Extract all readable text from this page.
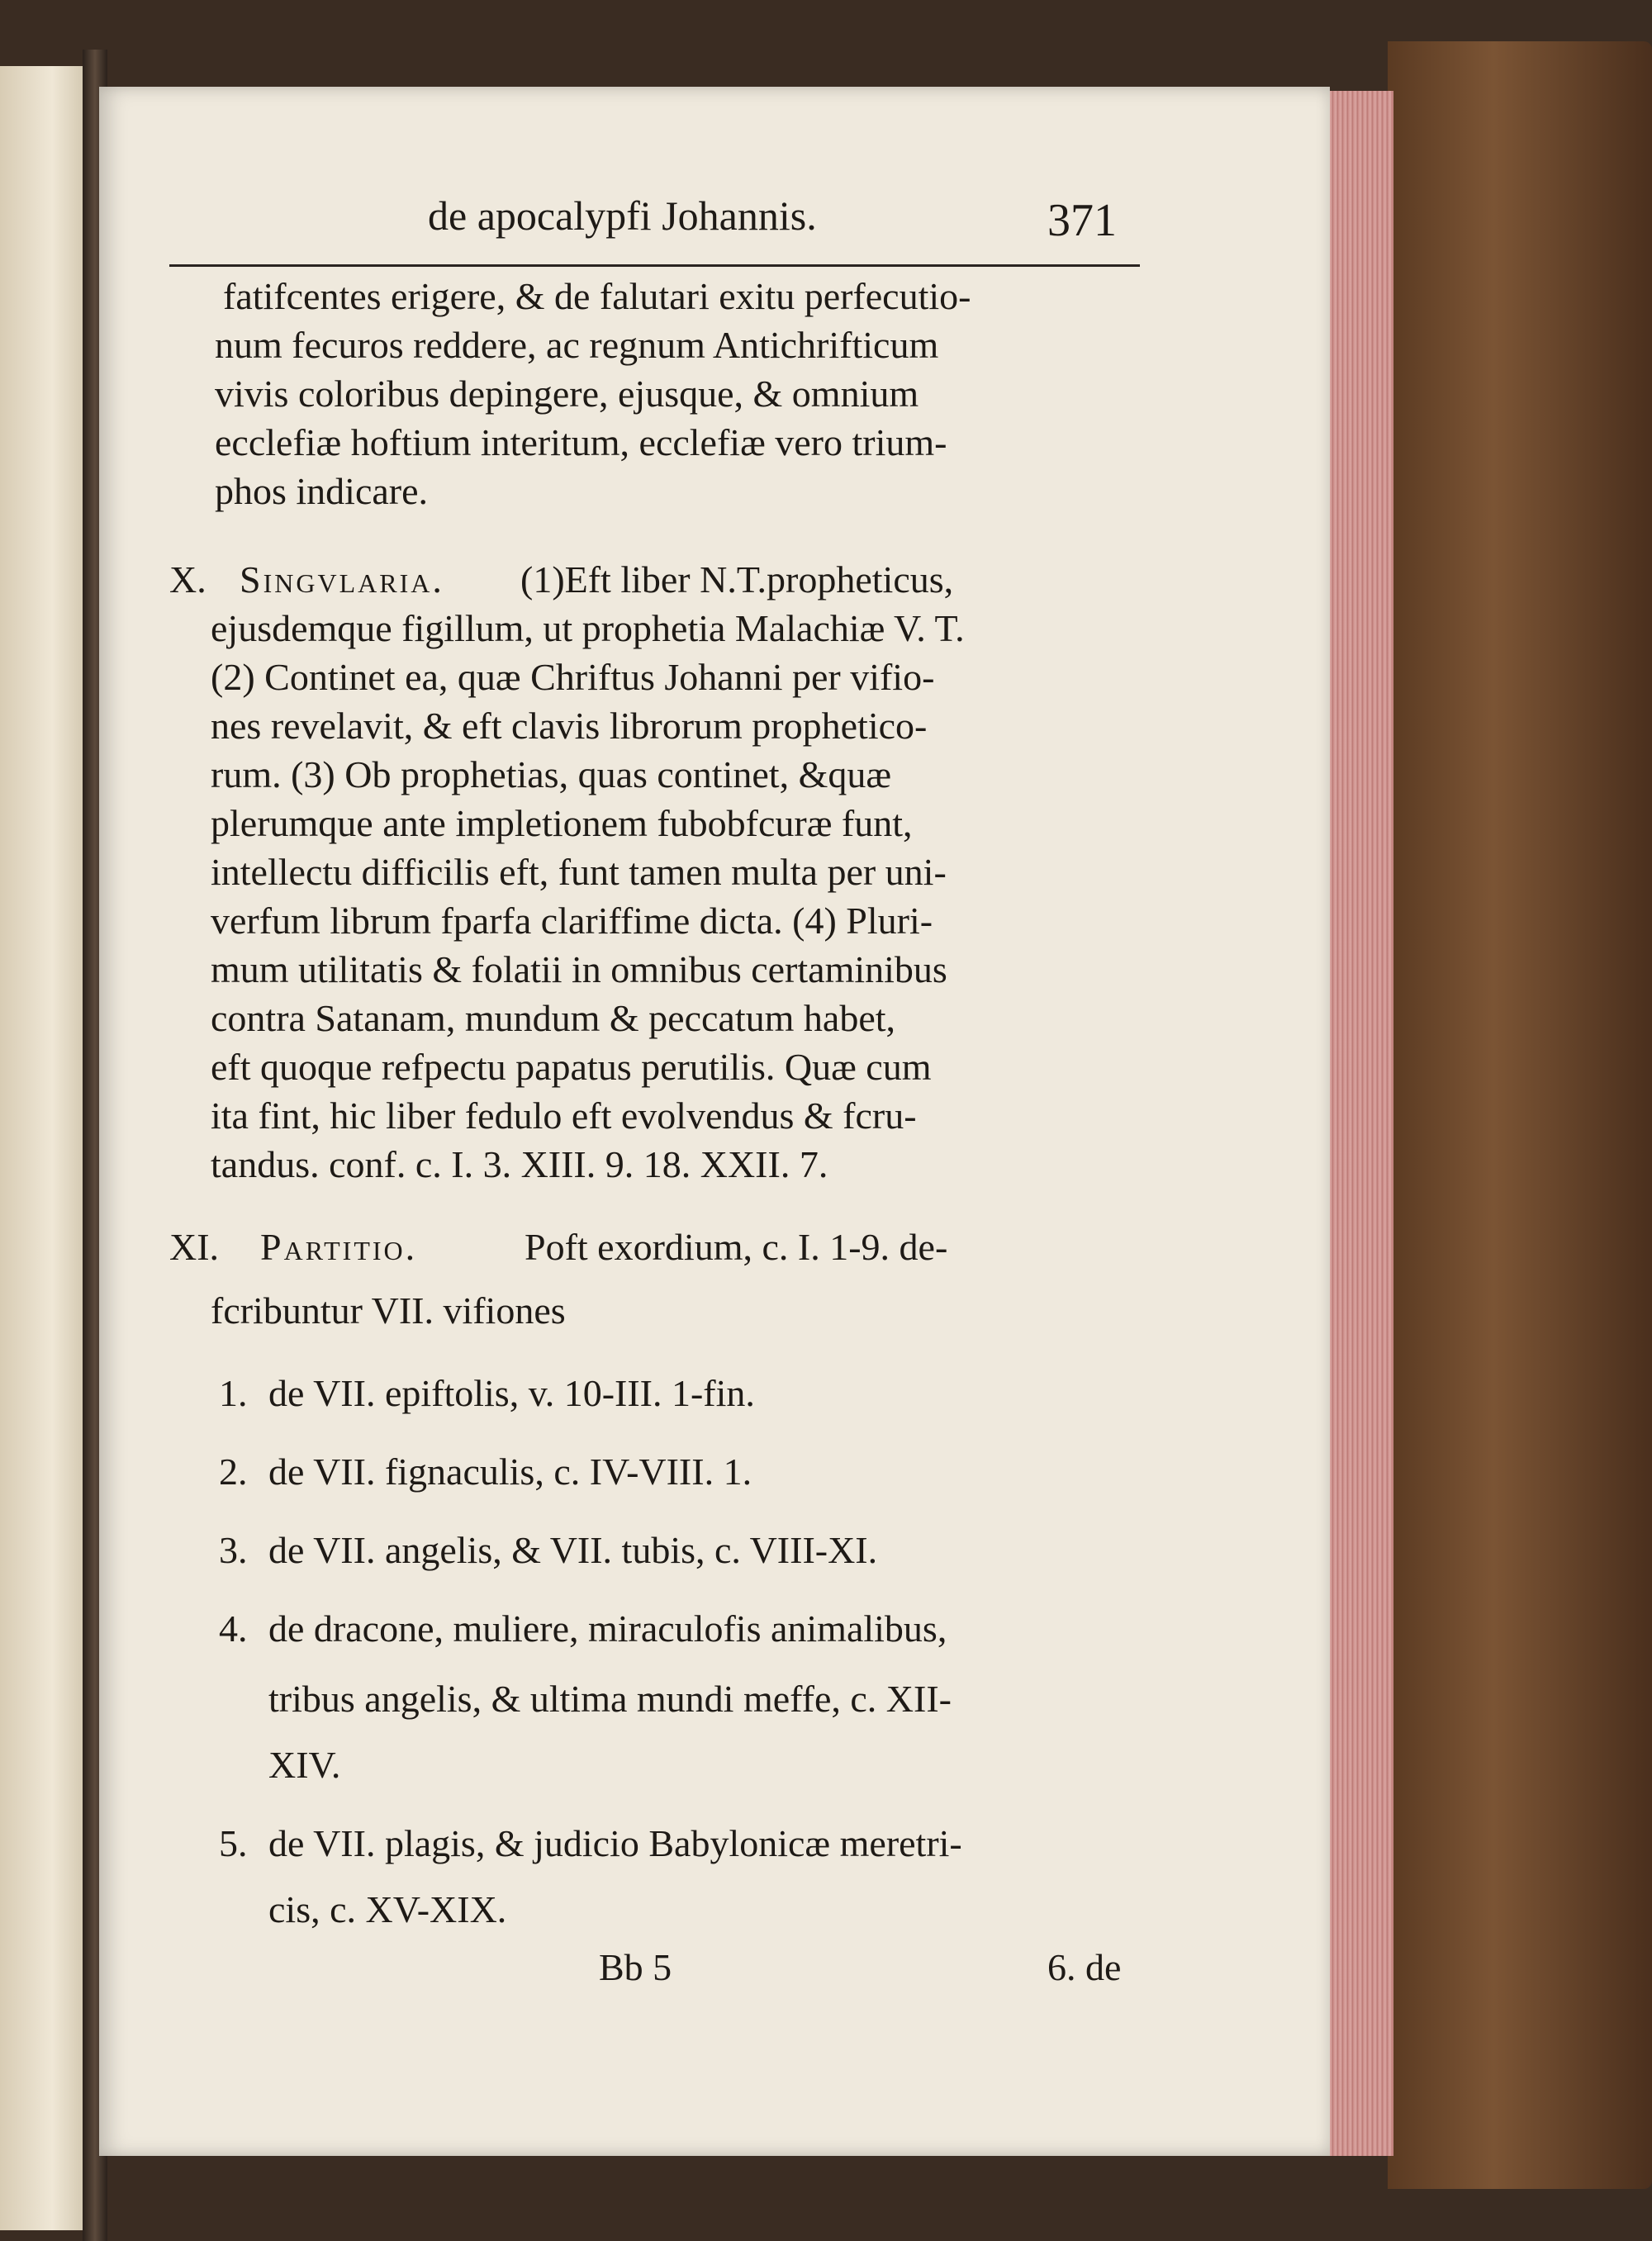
de apocalypfi Johannis.	371
fatifcentes erigere, & de falutari exitu perfecutio-
num fecuros reddere, ac regnum Antichrifticum
vivis coloribus depingere, ejusque, & omnium
ecclefiæ hoftium interitum, ecclefiæ vero trium-
phos indicare.
X. Singvlaria. (1)Eft liber N.T.propheticus,
ejusdemque figillum, ut prophetia Malachiæ V. T.
(2) Continet ea, quæ Chriftus Johanni per vifio-
nes revelavit, & eft clavis librorum prophetico-
rum. (3) Ob prophetias, quas continet, &quæ
plerumque ante impletionem fubobfcuræ funt,
intellectu difficilis eft, funt tamen multa per uni-
verfum librum fparfa clariffime dicta. (4) Pluri-
mum utilitatis & folatii in omnibus certaminibus
contra Satanam, mundum & peccatum habet,
eft quoque refpectu papatus perutilis. Quæ cum
ita fint, hic liber fedulo eft evolvendus & fcru-
tandus. conf. c. I. 3. XIII. 9. 18. XXII. 7.
XI. Partitio.	Poft exordium, c. I. 1-9. de-
fcribuntur VII. vifiones
1. de VII. epiftolis, v. 10-III. 1-fin.
2. de VII. fignaculis, c. IV-VIII. 1.
3. de VII. angelis, & VII. tubis, c. VIII-XI.
4. de dracone, muliere, miraculofis animalibus,
tribus angelis, & ultima mundi meffe, c. XII-
XIV.
5. de VII. plagis, & judicio Babylonicæ meretri-
cis, c. XV-XIX.
Bb 5	6. de
